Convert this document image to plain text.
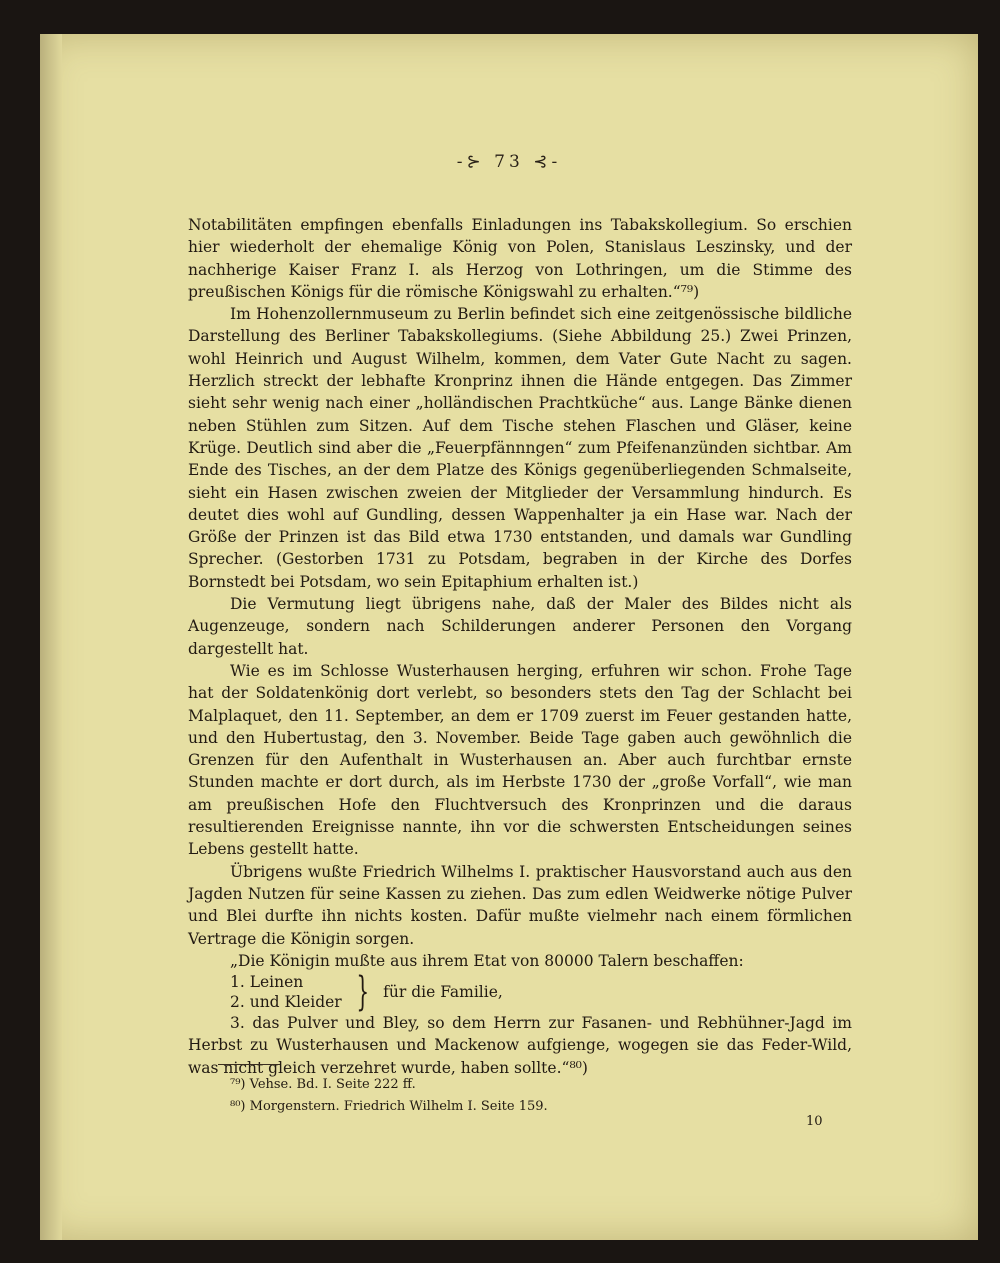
-⊱ 73 ⊰-

Notabilitäten empfingen ebenfalls Einladungen ins Tabakskollegium. So erschien hier wiederholt der ehemalige König von Polen, Stanislaus Leszinsky, und der nachherige Kaiser Franz I. als Herzog von Lothringen, um die Stimme des preußischen Königs für die römische Königswahl zu erhalten.“⁷⁹)

Im Hohenzollernmuseum zu Berlin befindet sich eine zeitgenössische bildliche Darstellung des Berliner Tabakskollegiums. (Siehe Abbildung 25.) Zwei Prinzen, wohl Heinrich und August Wilhelm, kommen, dem Vater Gute Nacht zu sagen. Herzlich streckt der lebhafte Kronprinz ihnen die Hände entgegen. Das Zimmer sieht sehr wenig nach einer „holländischen Prachtküche“ aus. Lange Bänke dienen neben Stühlen zum Sitzen. Auf dem Tische stehen Flaschen und Gläser, keine Krüge. Deutlich sind aber die „Feuerpfännngen“ zum Pfeifenanzünden sichtbar. Am Ende des Tisches, an der dem Platze des Königs gegenüberliegenden Schmalseite, sieht ein Hasen zwischen zweien der Mitglieder der Versammlung hindurch. Es deutet dies wohl auf Gundling, dessen Wappenhalter ja ein Hase war. Nach der Größe der Prinzen ist das Bild etwa 1730 entstanden, und damals war Gundling Sprecher. (Gestorben 1731 zu Potsdam, begraben in der Kirche des Dorfes Bornstedt bei Potsdam, wo sein Epitaphium erhalten ist.)

Die Vermutung liegt übrigens nahe, daß der Maler des Bildes nicht als Augenzeuge, sondern nach Schilderungen anderer Personen den Vorgang dargestellt hat.

Wie es im Schlosse Wusterhausen herging, erfuhren wir schon. Frohe Tage hat der Soldatenkönig dort verlebt, so besonders stets den Tag der Schlacht bei Malplaquet, den 11. September, an dem er 1709 zuerst im Feuer gestanden hatte, und den Hubertustag, den 3. November. Beide Tage gaben auch gewöhnlich die Grenzen für den Aufenthalt in Wusterhausen an. Aber auch furchtbar ernste Stunden machte er dort durch, als im Herbste 1730 der „große Vorfall“, wie man am preußischen Hofe den Fluchtversuch des Kronprinzen und die daraus resultierenden Ereignisse nannte, ihn vor die schwersten Entscheidungen seines Lebens gestellt hatte.

Übrigens wußte Friedrich Wilhelms I. praktischer Hausvorstand auch aus den Jagden Nutzen für seine Kassen zu ziehen. Das zum edlen Weidwerke nötige Pulver und Blei durfte ihn nichts kosten. Dafür mußte vielmehr nach einem förmlichen Vertrage die Königin sorgen.

„Die Königin mußte aus ihrem Etat von 80000 Talern beschaffen:

1. Leinen
2. und Kleider } für die Familie,

3. das Pulver und Bley, so dem Herrn zur Fasanen- und Rebhühner-Jagd im Herbst zu Wusterhausen und Mackenow aufgienge, wogegen sie das Feder-Wild, was nicht gleich verzehret wurde, haben sollte.“⁸⁰)

⁷⁹) Vehse. Bd. I. Seite 222 ff.
⁸⁰) Morgenstern. Friedrich Wilhelm I. Seite 159.
10
